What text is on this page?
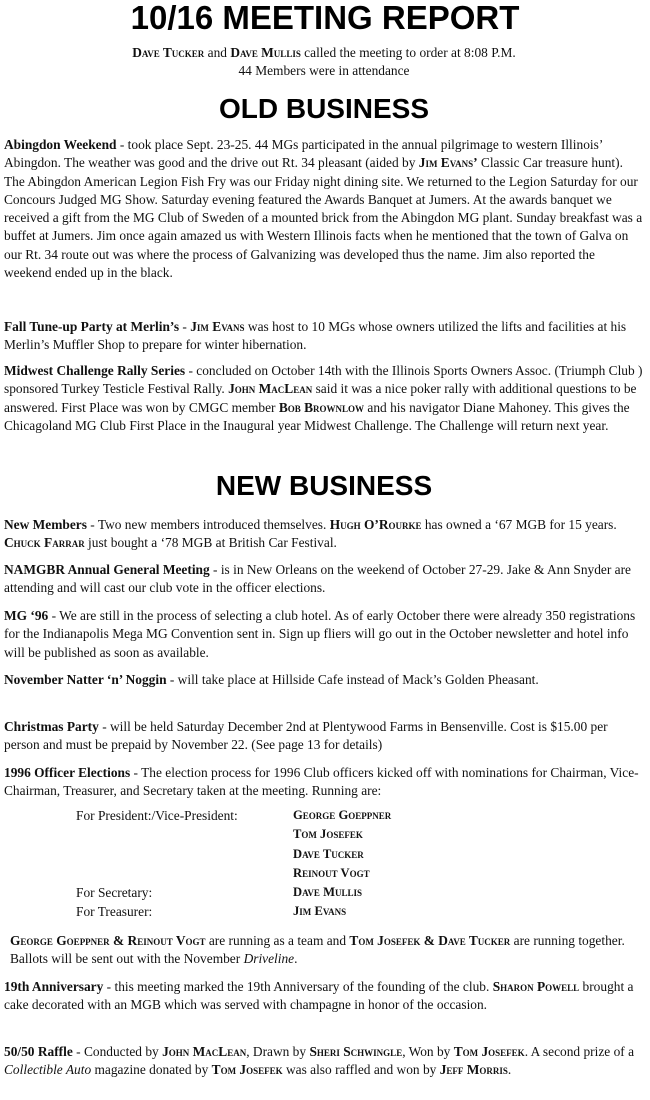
10/16 MEETING REPORT

Dave Tucker and Dave Mullis called the meeting to order at 8:08 P.M.

44 Members were in attendance

OLD BUSINESS

Abingdon Weekend - took place Sept. 23-25. 44 MGs participated in the annual pilgrimage to western Illinois’ Abingdon. The weather was good and the drive out Rt. 34 pleasant (aided by Jim Evans’ Classic Car treasure hunt). The Abingdon American Legion Fish Fry was our Friday night dining site. We returned to the Legion Saturday for our Concours Judged MG Show. Saturday evening featured the Awards Banquet at Jumers. At the awards banquet we received a gift from the MG Club of Sweden of a mounted brick from the Abingdon MG plant. Sunday breakfast was a buffet at Jumers. Jim once again amazed us with Western Illinois facts when he mentioned that the town of Galva on our Rt. 34 route out was where the process of Galvanizing was developed thus the name. Jim also reported the weekend ended up in the black.

Fall Tune-up Party at Merlin’s - Jim Evans was host to 10 MGs whose owners utilized the lifts and facilities at his Merlin’s Muffler Shop to prepare for winter hibernation.

Midwest Challenge Rally Series - concluded on October 14th with the Illinois Sports Owners Assoc. (Triumph Club ) sponsored Turkey Testicle Festival Rally. John MacLean said it was a nice poker rally with additional questions to be answered. First Place was won by CMGC member Bob Brownlow and his navigator Diane Mahoney. This gives the Chicagoland MG Club First Place in the Inaugural year Midwest Challenge. The Challenge will return next year.

NEW BUSINESS

New Members - Two new members introduced themselves. Hugh O’Rourke has owned a ‘67 MGB for 15 years. Chuck Farrar just bought a ‘78 MGB at British Car Festival.

NAMGBR Annual General Meeting - is in New Orleans on the weekend of October 27-29. Jake & Ann Snyder are attending and will cast our club vote in the officer elections.

MG ‘96 - We are still in the process of selecting a club hotel. As of early October there were already 350 registrations for the Indianapolis Mega MG Convention sent in. Sign up fliers will go out in the October newsletter and hotel info will be published as soon as available.

November Natter ‘n’ Noggin - will take place at Hillside Cafe instead of Mack’s Golden Pheasant.

Christmas Party - will be held Saturday December 2nd at Plentywood Farms in Bensenville. Cost is $15.00 per person and must be prepaid by November 22. (See page 13 for details)

1996 Officer Elections - The election process for 1996 Club officers kicked off with nominations for Chairman, Vice-Chairman, Treasurer, and Secretary taken at the meeting. Running are:

For President:/Vice-President:	George Goeppner
	Tom Josefek
	Dave Tucker
	Reinout Vogt
For Secretary:	Dave Mullis
For Treasurer:	Jim Evans

George Goeppner & Reinout Vogt are running as a team and Tom Josefek & Dave Tucker are running together. Ballots will be sent out with the November Driveline.

19th Anniversary - this meeting marked the 19th Anniversary of the founding of the club. Sharon Powell brought a cake decorated with an MGB which was served with champagne in honor of the occasion.

50/50 Raffle - Conducted by John MacLean, Drawn by Sheri Schwingle, Won by Tom Josefek. A second prize of a Collectible Auto magazine donated by Tom Josefek was also raffled and won by Jeff Morris.
